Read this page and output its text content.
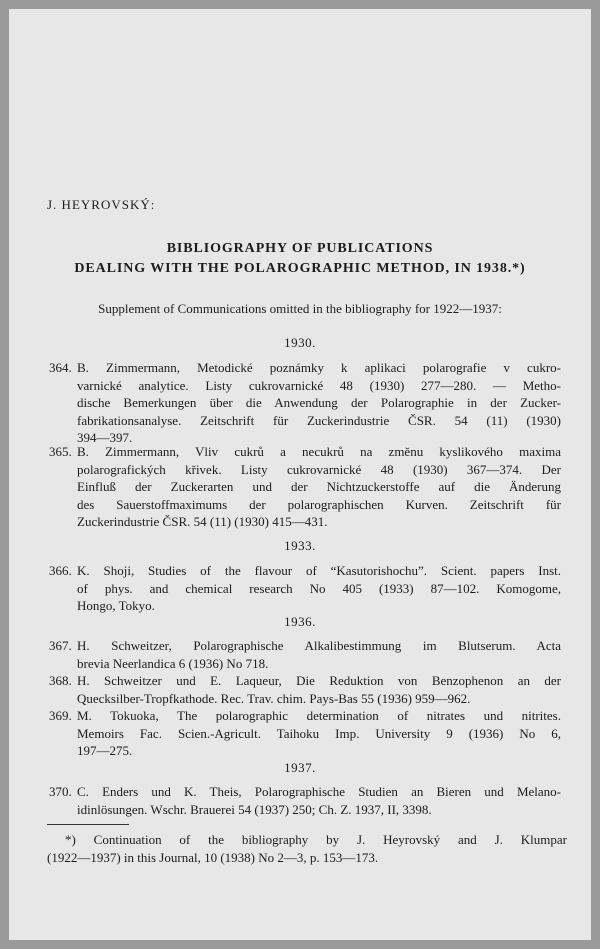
J. HEYROVSKÝ:
BIBLIOGRAPHY OF PUBLICATIONS
DEALING WITH THE POLAROGRAPHIC METHOD, IN 1938.*)
Supplement of Communications omitted in the bibliography for 1922—1937:
1930.
364. B. Zimmermann, Metodické poznámky k aplikaci polarografie v cukro-
varnické analytice. Listy cukrovarnické 48 (1930) 277—280. — Metho-
dische Bemerkungen über die Anwendung der Polarographie in der Zucker-
fabrikationsanalyse. Zeitschrift für Zuckerindustrie ČSR. 54 (11) (1930)
394—397.
365. B. Zimmermann, Vliv cukrů a necukrů na změnu kyslikového maxima
polarografických křivek. Listy cukrovarnické 48 (1930) 367—374. Der
Einfluß der Zuckerarten und der Nichtzuckerstoffe auf die Änderung
des Sauerstoffmaximums der polarographischen Kurven. Zeitschrift für
Zuckerindustrie ČSR. 54 (11) (1930) 415—431.
1933.
366. K. Shoji, Studies of the flavour of “Kasutorishochu”. Scient. papers Inst.
of phys. and chemical research No 405 (1933) 87—102. Komogome,
Hongo, Tokyo.
1936.
367. H. Schweitzer, Polarographische Alkalibestimmung im Blutserum. Acta
brevia Neerlandica 6 (1936) No 718.
368. H. Schweitzer und E. Laqueur, Die Reduktion von Benzophenon an der
Quecksilber-Tropfkathode. Rec. Trav. chim. Pays-Bas 55 (1936) 959—962.
369. M. Tokuoka, The polarographic determination of nitrates und nitrites.
Memoirs Fac. Scien.-Agricult. Taihoku Imp. University 9 (1936) No 6,
197—275.
1937.
370. C. Enders und K. Theis, Polarographische Studien an Bieren und Melano-
idinlösungen. Wschr. Brauerei 54 (1937) 250; Ch. Z. 1937, II, 3398.
*) Continuation of the bibliography by J. Heyrovský and J. Klumpar
(1922—1937) in this Journal, 10 (1938) No 2—3, p. 153—173.
